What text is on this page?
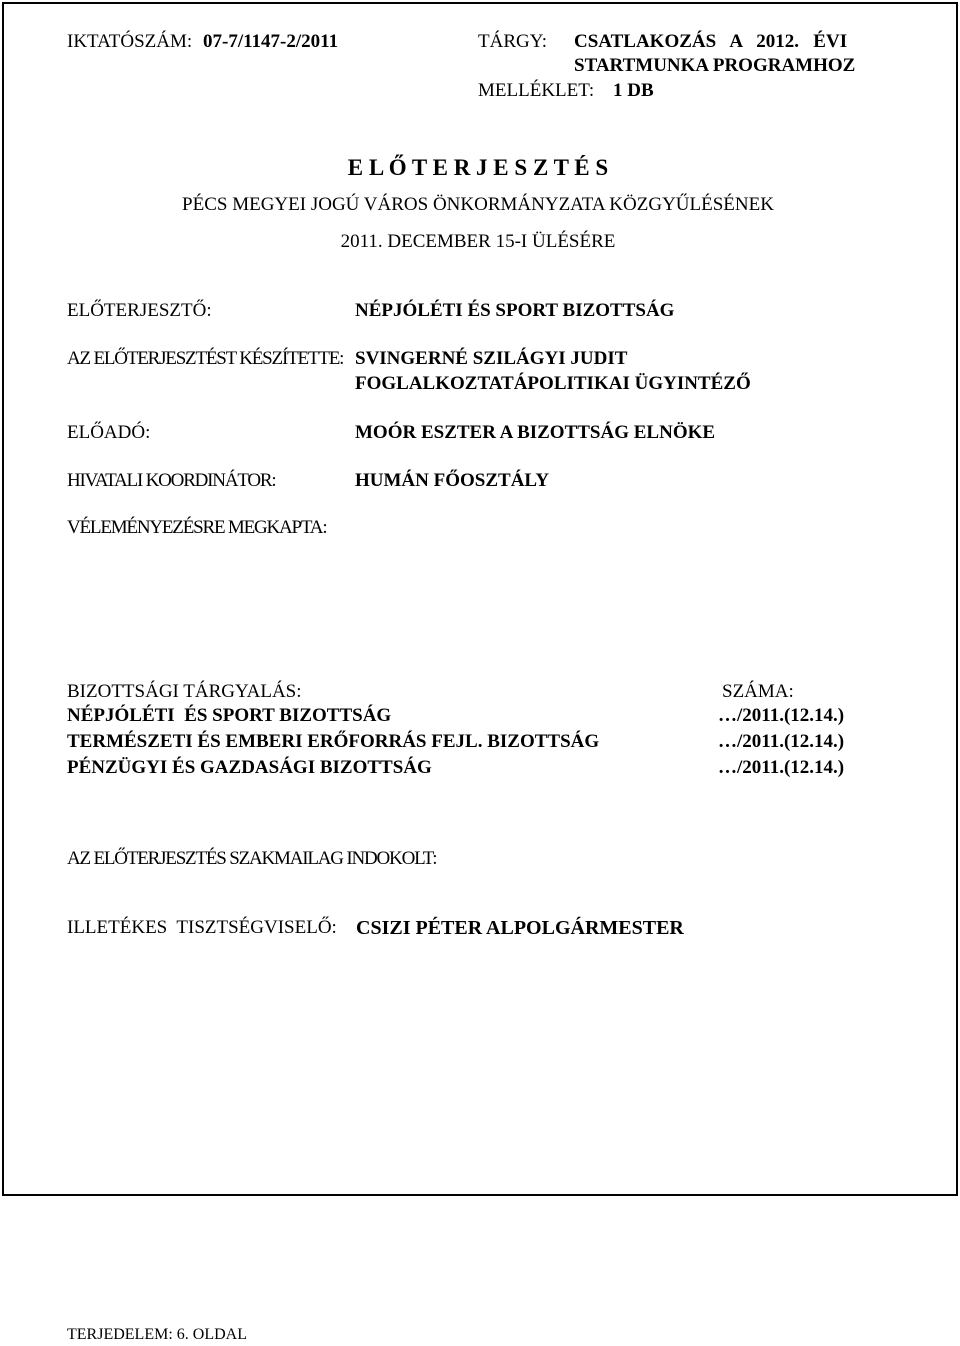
IKTATÓSZÁM: 07-7/1147-2/2011	TÁRGY: CSATLAKOZÁS   A   2012.   ÉVI
STARTMUNKA PROGRAMHOZ
MELLÉKLET: 1 DB
E L Ő T E R J E S Z T É S
PÉCS MEGYEI JOGÚ VÁROS ÖNKORMÁNYZATA KÖZGYŰLÉSÉNEK
2011. DECEMBER 15-I ÜLÉSÉRE
ELŐTERJESZTŐ:	NÉPJÓLÉTI ÉS SPORT BIZOTTSÁG
AZ ELŐTERJESZTÉST KÉSZÍTETTE: SVINGERNÉ SZILÁGYI JUDIT
FOGLALKOZTATÁPOLITIKAI ÜGYINTÉZŐ
ELŐADÓ:	MOÓR ESZTER A BIZOTTSÁG ELNÖKE
HIVATALI KOORDINÁTOR:	HUMÁN FŐOSZTÁLY
VÉLEMÉNYEZÉSRE MEGKAPTA:
BIZOTTSÁGI TÁRGYALÁS:	SZÁMA:
NÉPJÓLÉTI  ÉS SPORT BIZOTTSÁG	…/2011.(12.14.)
TERMÉSZETI ÉS EMBERI ERŐFORRÁS FEJL. BIZOTTSÁG	…/2011.(12.14.)
PÉNZÜGYI ÉS GAZDASÁGI BIZOTTSÁG	…/2011.(12.14.)
AZ ELŐTERJESZTÉS SZAKMAILAG INDOKOLT:
ILLETÉKES  TISZTSÉGVISELŐ: CSIZI PÉTER ALPOLGÁRMESTER
TERJEDELEM: 6. OLDAL
